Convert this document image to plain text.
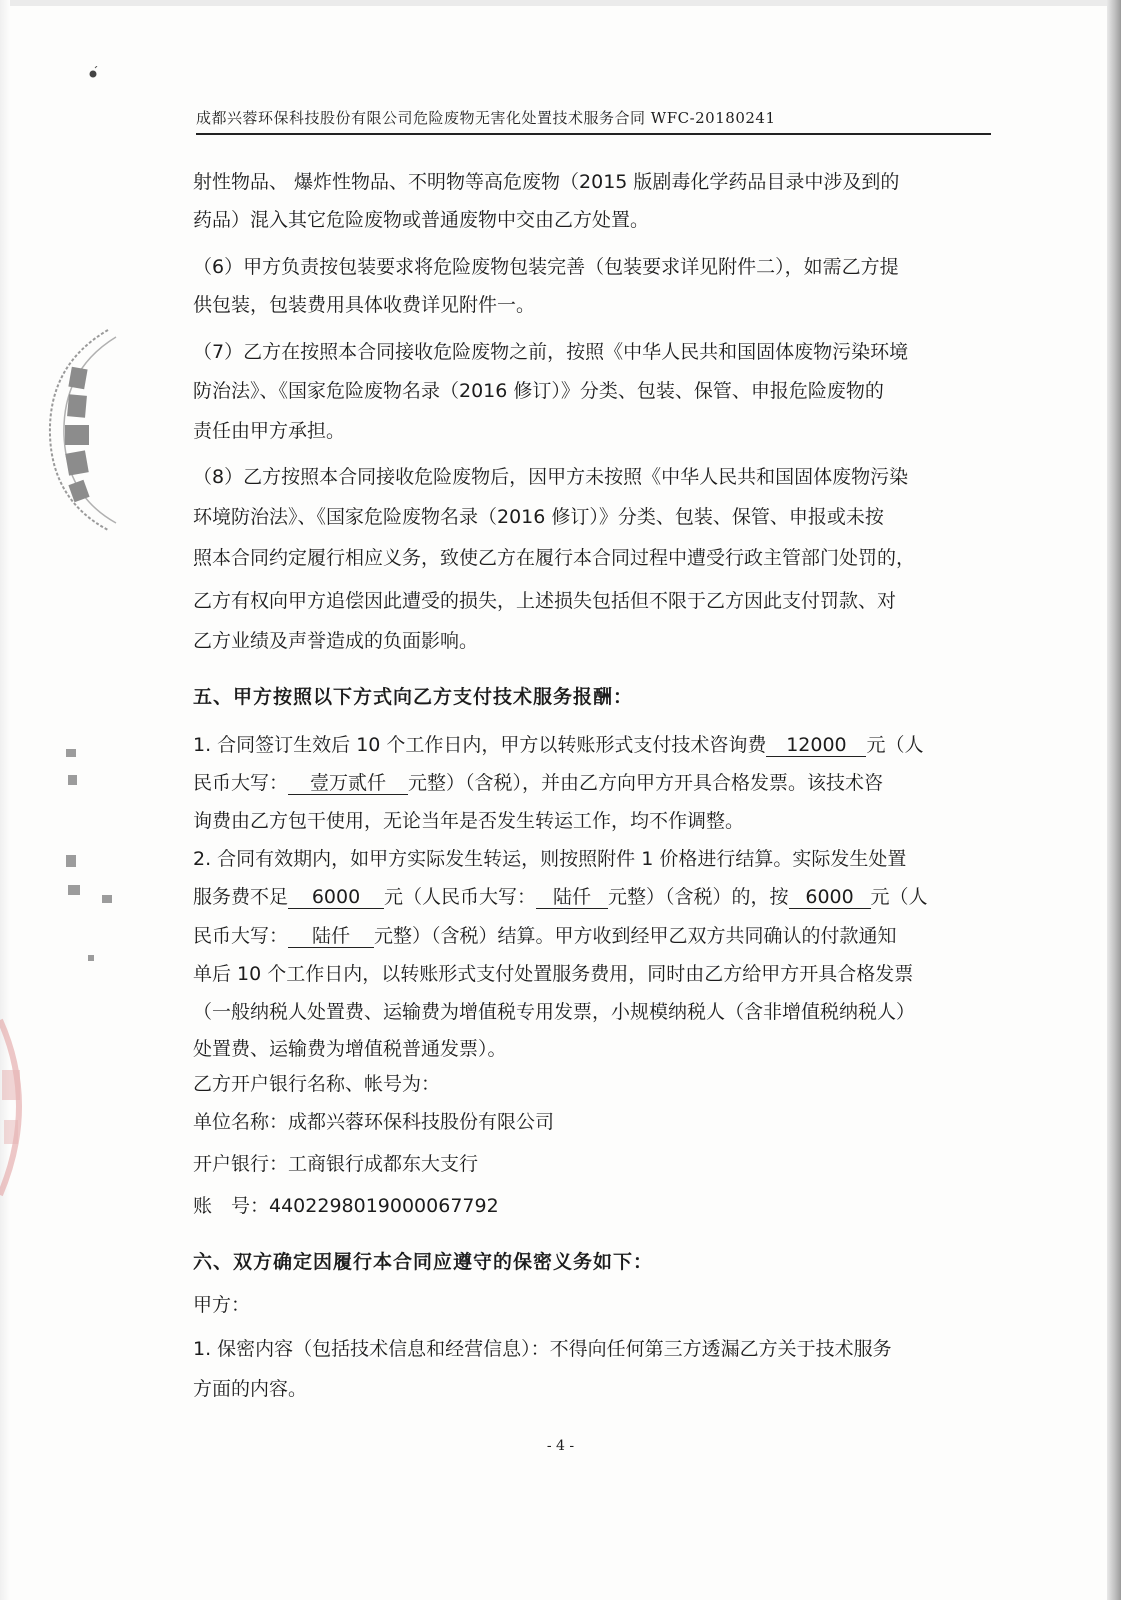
成都兴蓉环保科技股份有限公司危险废物无害化处置技术服务合同 WFC-20180241
射性物品、 爆炸性物品、不明物等高危废物（2015 版剧毒化学药品目录中涉及到的
药品）混入其它危险废物或普通废物中交由乙方处置。
（6）甲方负责按包装要求将危险废物包装完善（包装要求详见附件二），如需乙方提
供包装，包装费用具体收费详见附件一。
（7）乙方在按照本合同接收危险废物之前，按照《中华人民共和国固体废物污染环境
防治法》、《国家危险废物名录（2016 修订）》分类、包装、保管、申报危险废物的
责任由甲方承担。
（8）乙方按照本合同接收危险废物后，因甲方未按照《中华人民共和国固体废物污染
环境防治法》、《国家危险废物名录（2016 修订）》分类、包装、保管、申报或未按
照本合同约定履行相应义务，致使乙方在履行本合同过程中遭受行政主管部门处罚的，
乙方有权向甲方追偿因此遭受的损失，上述损失包括但不限于乙方因此支付罚款、对
乙方业绩及声誉造成的负面影响。
五、甲方按照以下方式向乙方支付技术服务报酬：
1. 合同签订生效后 10 个工作日内，甲方以转账形式支付技术咨询费 12000 元（人
民币大写： 壹万贰仟 元整）（含税），并由乙方向甲方开具合格发票。该技术咨
询费由乙方包干使用，无论当年是否发生转运工作，均不作调整。
2. 合同有效期内，如甲方实际发生转运，则按照附件 1 价格进行结算。实际发生处置
服务费不足 6000 元（人民币大写： 陆仟 元整）（含税）的，按 6000 元（人
民币大写： 陆仟 元整）（含税）结算。甲方收到经甲乙双方共同确认的付款通知
单后 10 个工作日内，以转账形式支付处置服务费用，同时由乙方给甲方开具合格发票
（一般纳税人处置费、运输费为增值税专用发票，小规模纳税人（含非增值税纳税人）
处置费、运输费为增值税普通发票）。
乙方开户银行名称、帐号为：
单位名称：成都兴蓉环保科技股份有限公司
开户银行：工商银行成都东大支行
账　号：4402298019000067792
六、双方确定因履行本合同应遵守的保密义务如下：
甲方：
1. 保密内容（包括技术信息和经营信息）：不得向任何第三方透漏乙方关于技术服务
方面的内容。
- 4 -
